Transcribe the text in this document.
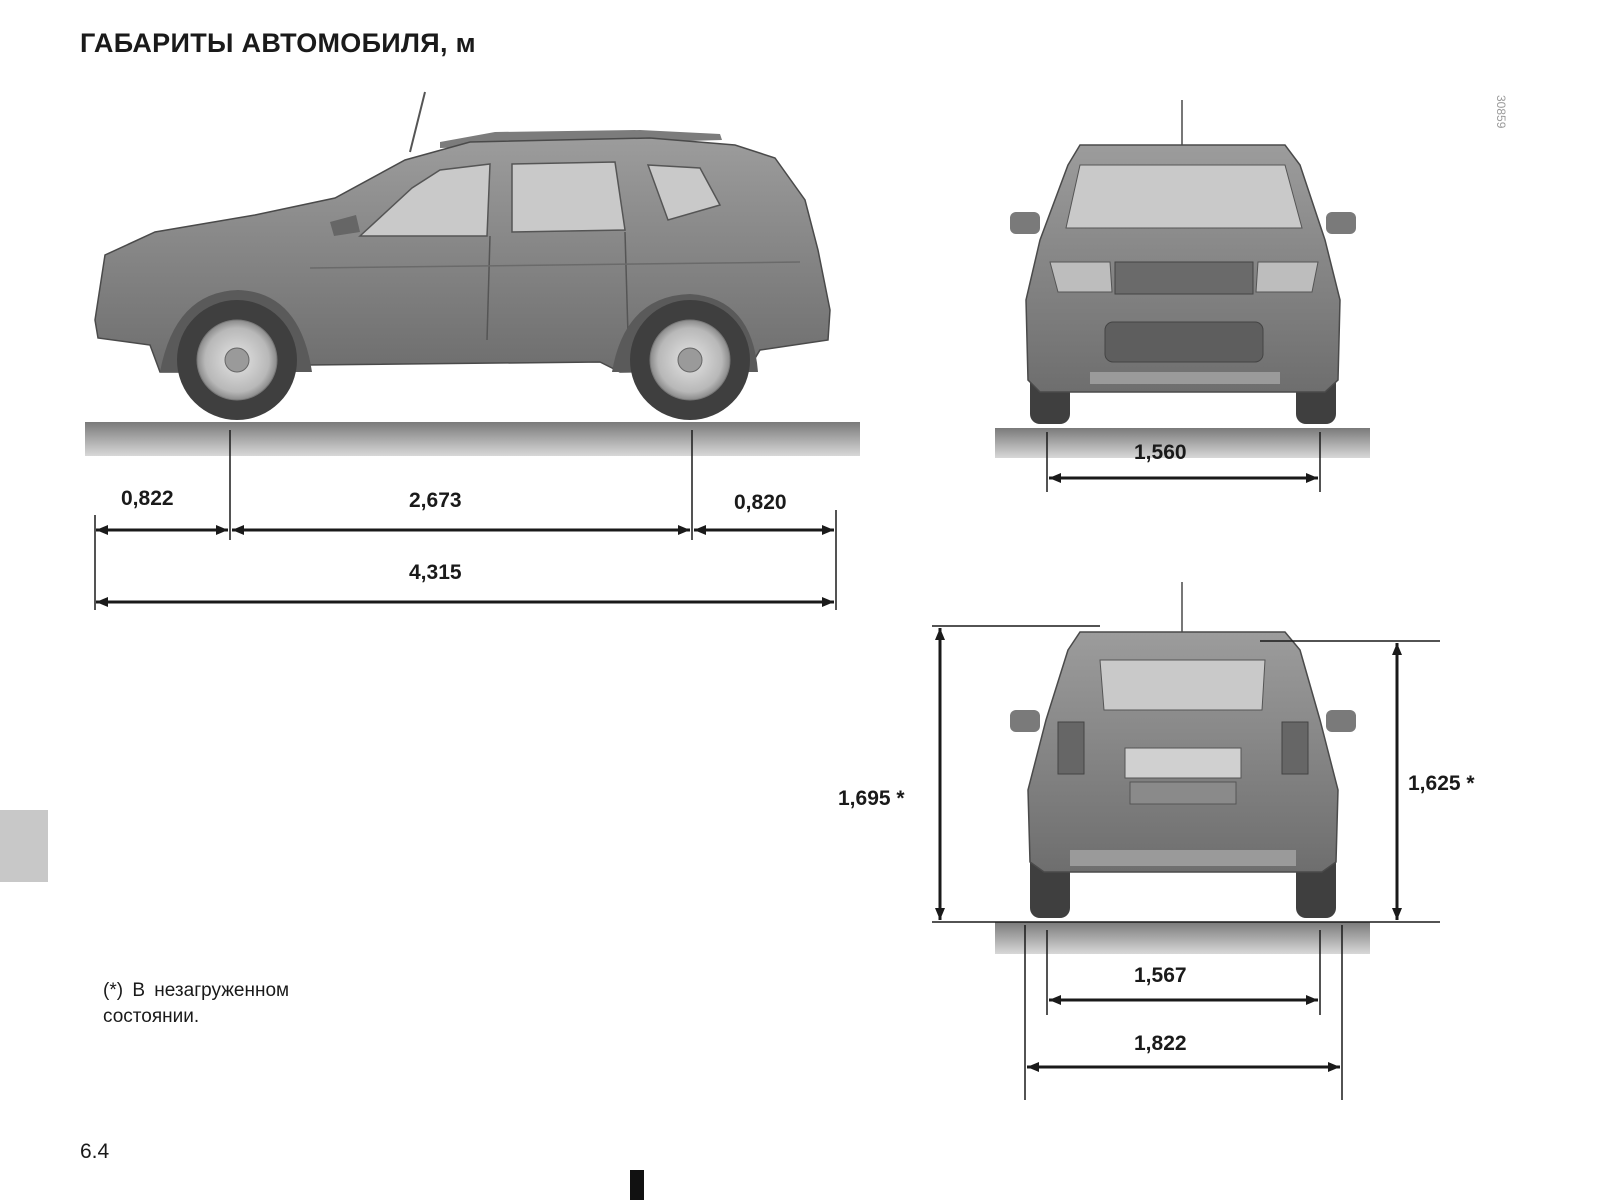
ГАБАРИТЫ АВТОМОБИЛЯ, м
30859
0,822	2,673	0,820
4,315
1,560
1,695 *
1,625 *
1,567
1,822
(*) В незагруженном состоянии.
6.4
